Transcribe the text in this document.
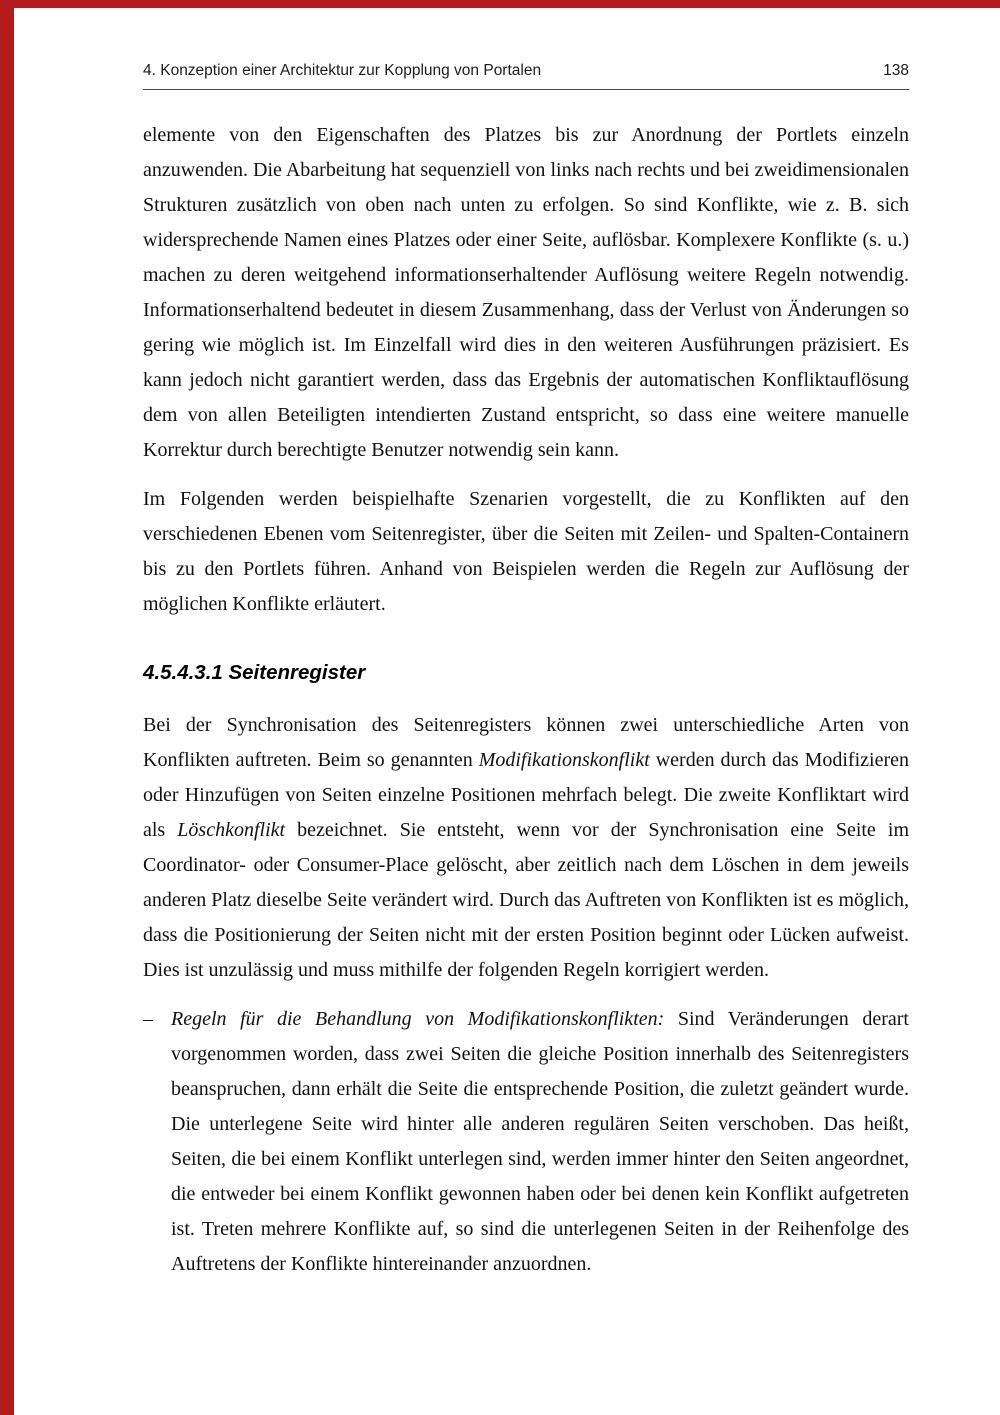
4. Konzeption einer Architektur zur Kopplung von Portalen	138

elemente von den Eigenschaften des Platzes bis zur Anordnung der Portlets einzeln anzuwenden. Die Abarbeitung hat sequenziell von links nach rechts und bei zweidimensionalen Strukturen zusätzlich von oben nach unten zu erfolgen. So sind Konflikte, wie z. B. sich widersprechende Namen eines Platzes oder einer Seite, auflösbar. Komplexere Konflikte (s. u.) machen zu deren weitgehend informationserhaltender Auflösung weitere Regeln notwendig. Informationserhaltend bedeutet in diesem Zusammenhang, dass der Verlust von Änderungen so gering wie möglich ist. Im Einzelfall wird dies in den weiteren Ausführungen präzisiert. Es kann jedoch nicht garantiert werden, dass das Ergebnis der automatischen Konfliktauflösung dem von allen Beteiligten intendierten Zustand entspricht, so dass eine weitere manuelle Korrektur durch berechtigte Benutzer notwendig sein kann.

Im Folgenden werden beispielhafte Szenarien vorgestellt, die zu Konflikten auf den verschiedenen Ebenen vom Seitenregister, über die Seiten mit Zeilen- und Spalten-Containern bis zu den Portlets führen. Anhand von Beispielen werden die Regeln zur Auflösung der möglichen Konflikte erläutert.

4.5.4.3.1 Seitenregister

Bei der Synchronisation des Seitenregisters können zwei unterschiedliche Arten von Konflikten auftreten. Beim so genannten Modifikationskonflikt werden durch das Modifizieren oder Hinzufügen von Seiten einzelne Positionen mehrfach belegt. Die zweite Konfliktart wird als Löschkonflikt bezeichnet. Sie entsteht, wenn vor der Synchronisation eine Seite im Coordinator- oder Consumer-Place gelöscht, aber zeitlich nach dem Löschen in dem jeweils anderen Platz dieselbe Seite verändert wird. Durch das Auftreten von Konflikten ist es möglich, dass die Positionierung der Seiten nicht mit der ersten Position beginnt oder Lücken aufweist. Dies ist unzulässig und muss mithilfe der folgenden Regeln korrigiert werden.

– Regeln für die Behandlung von Modifikationskonflikten: Sind Veränderungen derart vorgenommen worden, dass zwei Seiten die gleiche Position innerhalb des Seitenregisters beanspruchen, dann erhält die Seite die entsprechende Position, die zuletzt geändert wurde. Die unterlegene Seite wird hinter alle anderen regulären Seiten verschoben. Das heißt, Seiten, die bei einem Konflikt unterlegen sind, werden immer hinter den Seiten angeordnet, die entweder bei einem Konflikt gewonnen haben oder bei denen kein Konflikt aufgetreten ist. Treten mehrere Konflikte auf, so sind die unterlegenen Seiten in der Reihenfolge des Auftretens der Konflikte hintereinander anzuordnen.
